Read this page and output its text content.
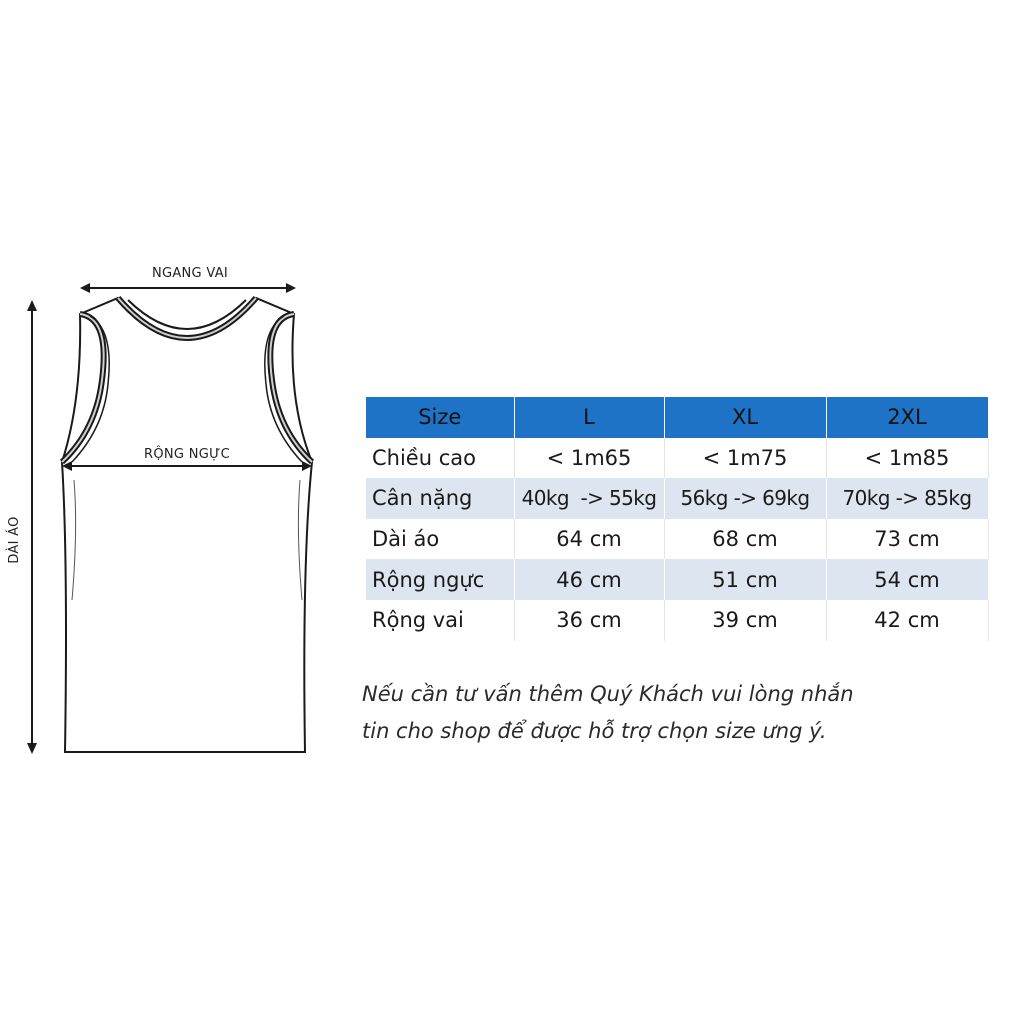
NGANG VAI
RỘNG NGỰC
DÀI ÁO
Size	L	XL	2XL
Chiều cao	< 1m65	< 1m75	< 1m85
Cân nặng	40kg  -> 55kg	56kg -> 69kg	70kg -> 85kg
Dài áo	64 cm	68 cm	73 cm
Rộng ngực	46 cm	51 cm	54 cm
Rộng vai	36 cm	39 cm	42 cm

Nếu cần tư vấn thêm Quý Khách vui lòng nhắn

tin cho shop để được hỗ trợ chọn size ưng ý.
